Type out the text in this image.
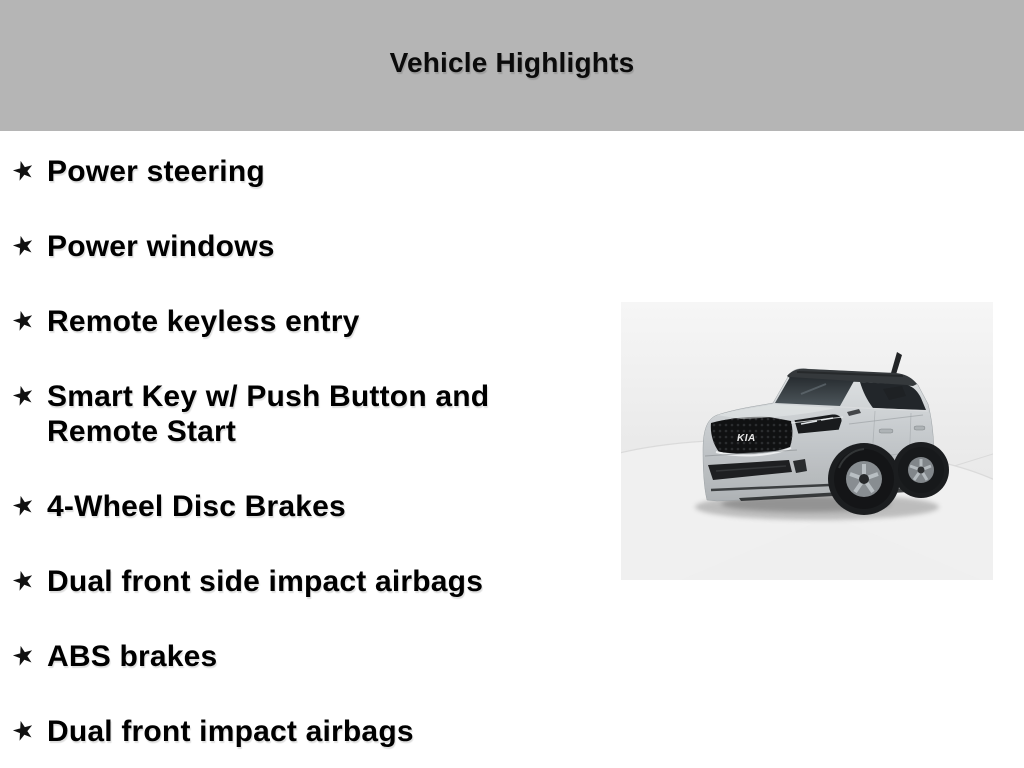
Vehicle Highlights
★ Power steering
★ Power windows
★ Remote keyless entry
★ Smart Key w/ Push Button and Remote Start
★ 4-Wheel Disc Brakes
★ Dual front side impact airbags
★ ABS brakes
★ Dual front impact airbags
KIA
